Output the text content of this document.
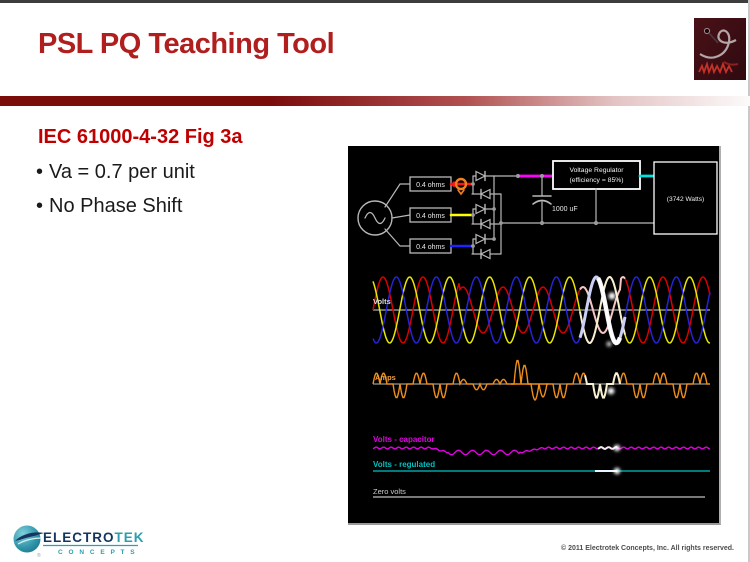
PSL PQ Teaching Tool
IEC 61000-4-32 Fig 3a
• Va = 0.7 per unit
• No Phase Shift
0.4 ohms
0.4 ohms
0.4 ohms
1000 uF
Voltage Regulator
(efficiency = 85%)
(3742 Watts)
Volts
Amps
Volts - capacitor
Volts - regulated
Zero volts
ELECTROTEK
C O N C E P T S
®
© 2011 Electrotek Concepts, Inc. All rights reserved.
